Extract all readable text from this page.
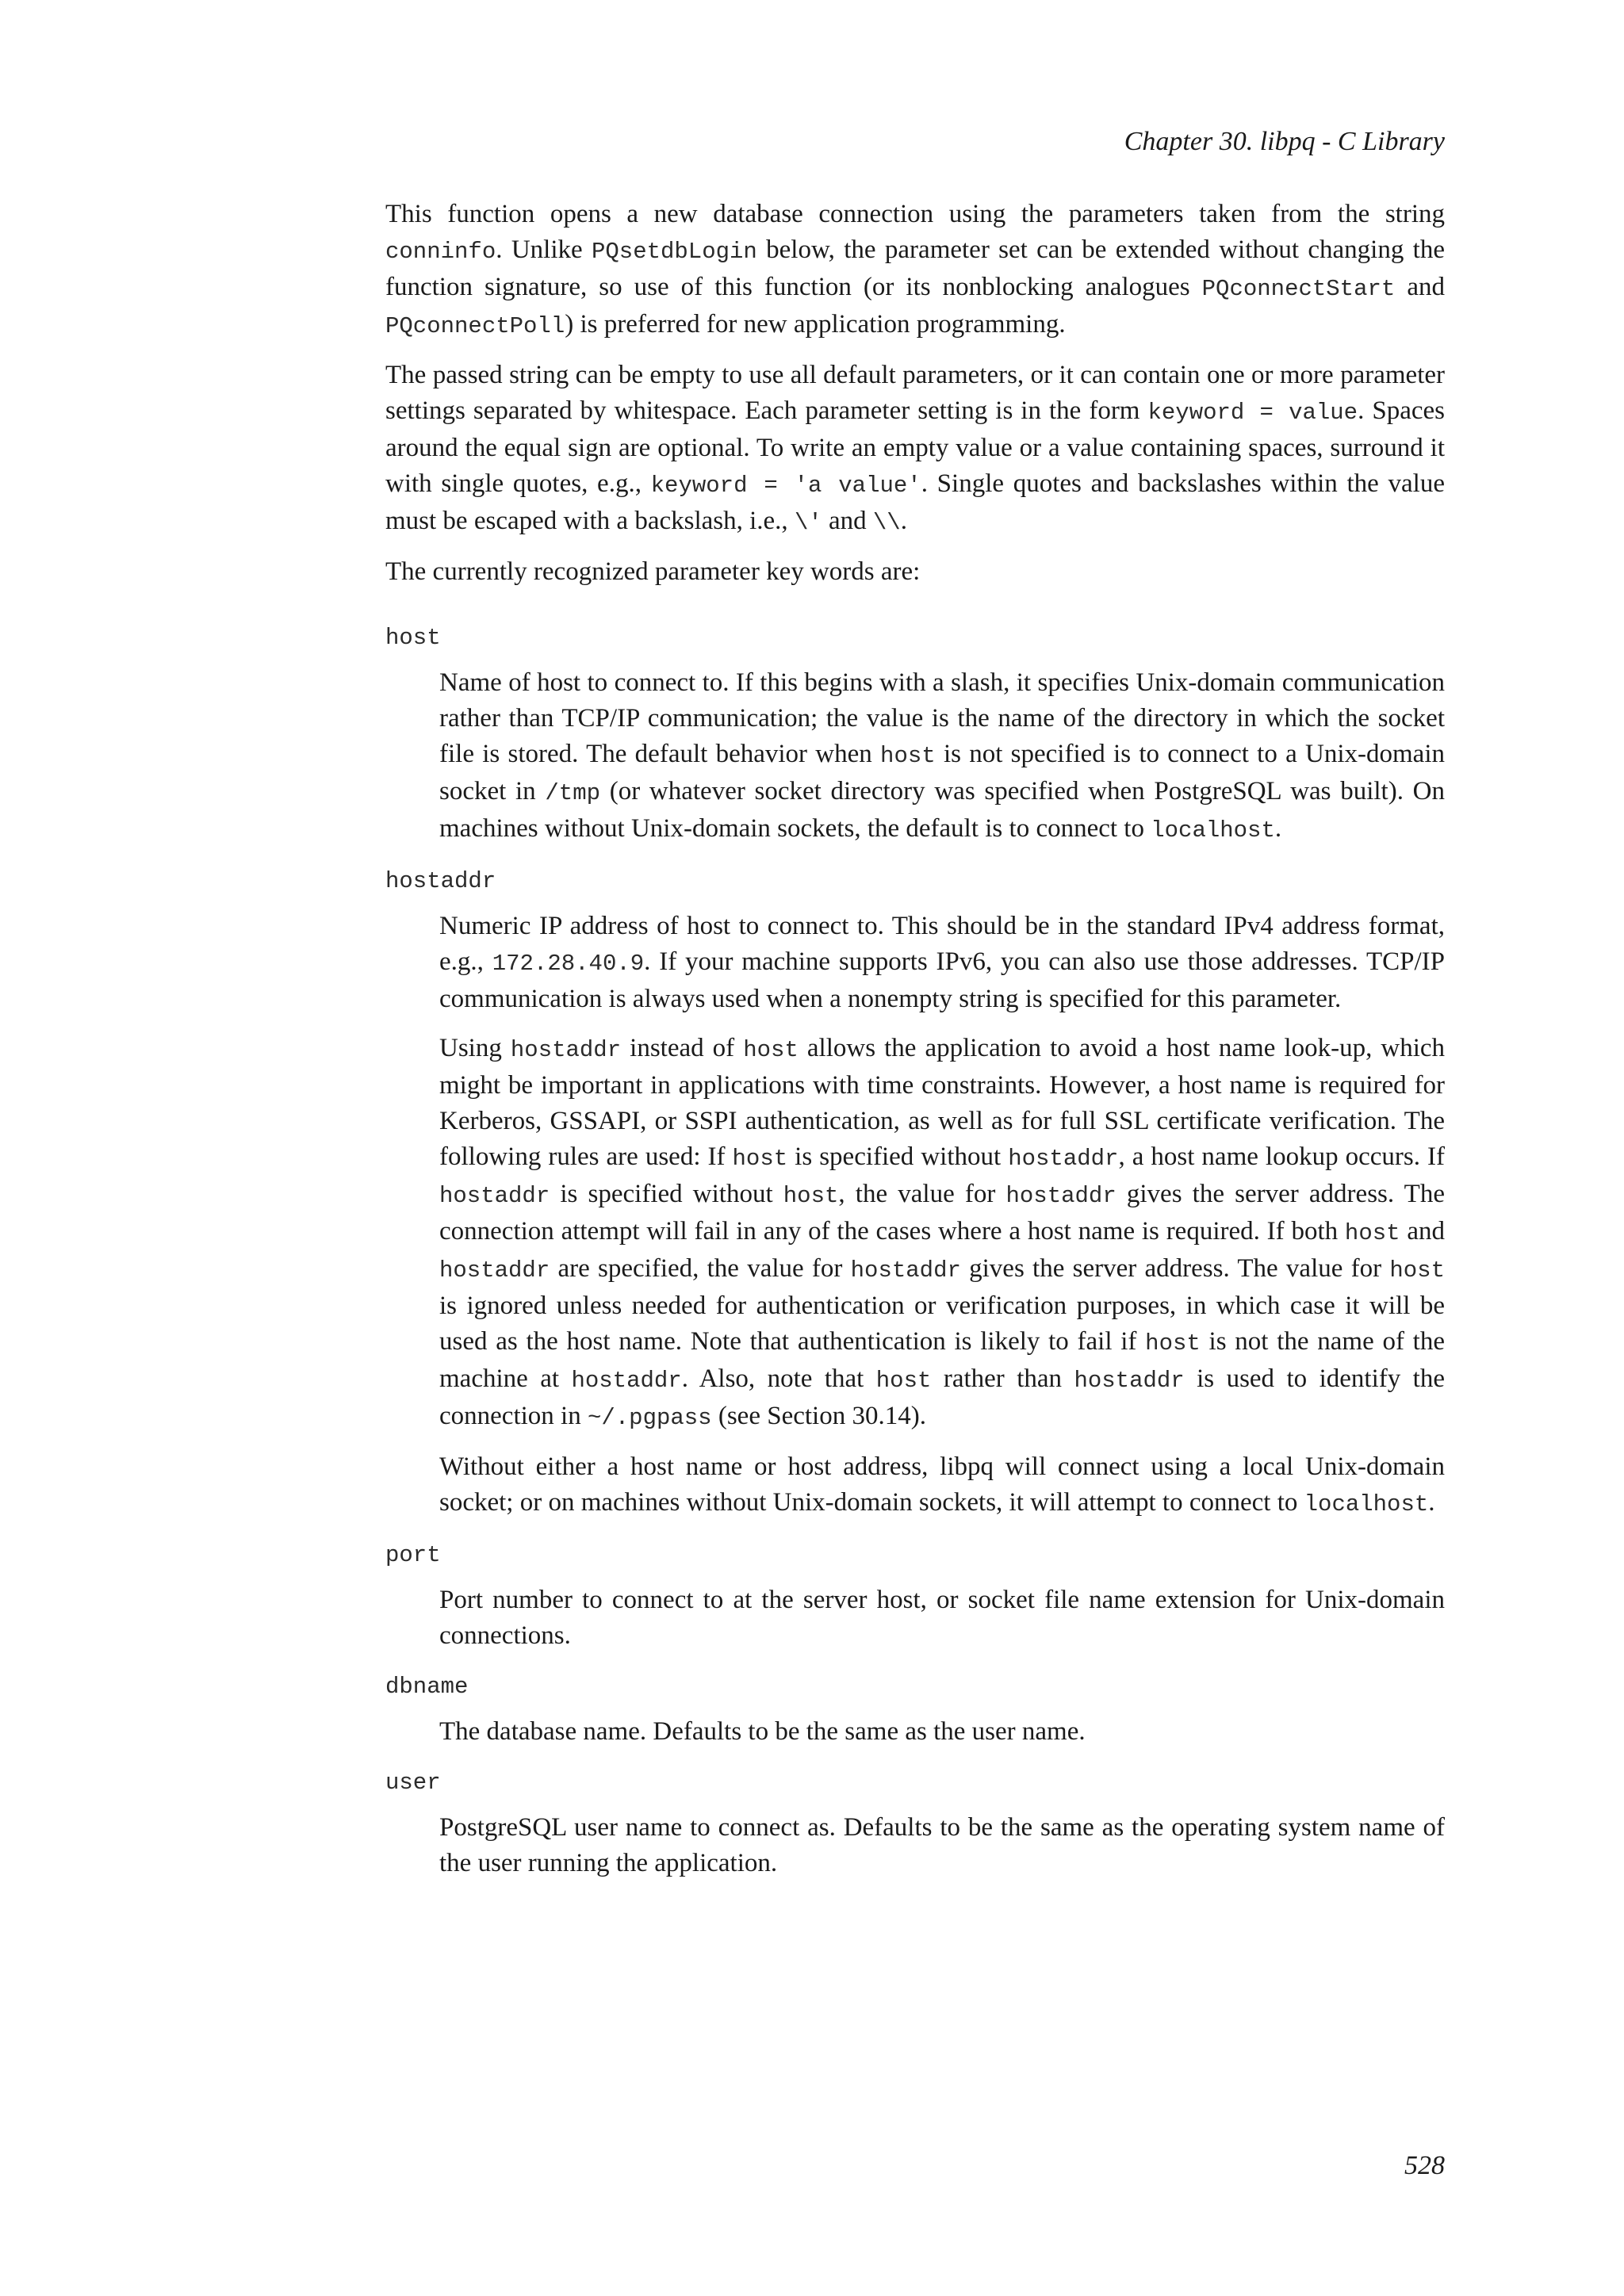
Chapter 30. libpq - C Library

This function opens a new database connection using the parameters taken from the string conninfo. Unlike PQsetdbLogin below, the parameter set can be extended without changing the function signature, so use of this function (or its nonblocking analogues PQconnectStart and PQconnectPoll) is preferred for new application programming.

The passed string can be empty to use all default parameters, or it can contain one or more parameter settings separated by whitespace. Each parameter setting is in the form keyword = value. Spaces around the equal sign are optional. To write an empty value or a value containing spaces, surround it with single quotes, e.g., keyword = 'a value'. Single quotes and backslashes within the value must be escaped with a backslash, i.e., \' and \\.

The currently recognized parameter key words are:

host

Name of host to connect to. If this begins with a slash, it specifies Unix-domain communication rather than TCP/IP communication; the value is the name of the directory in which the socket file is stored. The default behavior when host is not specified is to connect to a Unix-domain socket in /tmp (or whatever socket directory was specified when PostgreSQL was built). On machines without Unix-domain sockets, the default is to connect to localhost.

hostaddr

Numeric IP address of host to connect to. This should be in the standard IPv4 address format, e.g., 172.28.40.9. If your machine supports IPv6, you can also use those addresses. TCP/IP communication is always used when a nonempty string is specified for this parameter.

Using hostaddr instead of host allows the application to avoid a host name look-up, which might be important in applications with time constraints. However, a host name is required for Kerberos, GSSAPI, or SSPI authentication, as well as for full SSL certificate verification. The following rules are used: If host is specified without hostaddr, a host name lookup occurs. If hostaddr is specified without host, the value for hostaddr gives the server address. The connection attempt will fail in any of the cases where a host name is required. If both host and hostaddr are specified, the value for hostaddr gives the server address. The value for host is ignored unless needed for authentication or verification purposes, in which case it will be used as the host name. Note that authentication is likely to fail if host is not the name of the machine at hostaddr. Also, note that host rather than hostaddr is used to identify the connection in ~/.pgpass (see Section 30.14).

Without either a host name or host address, libpq will connect using a local Unix-domain socket; or on machines without Unix-domain sockets, it will attempt to connect to localhost.

port

Port number to connect to at the server host, or socket file name extension for Unix-domain connections.

dbname

The database name. Defaults to be the same as the user name.

user

PostgreSQL user name to connect as. Defaults to be the same as the operating system name of the user running the application.

528
